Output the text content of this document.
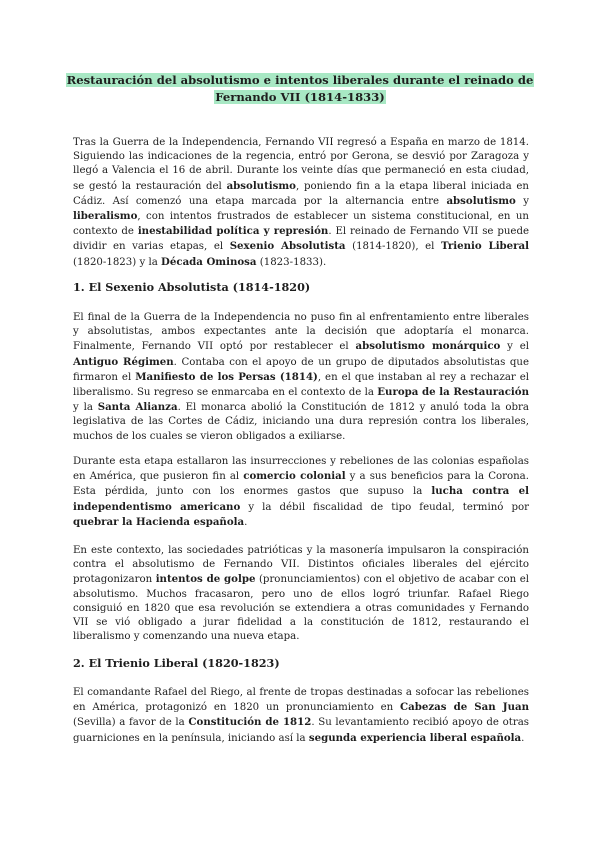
Restauración del absolutismo e intentos liberales durante el reinado de
Fernando VII (1814-1833)

Tras la Guerra de la Independencia, Fernando VII regresó a España en marzo de 1814. Siguiendo las indicaciones de la regencia, entró por Gerona, se desvió por Zaragoza y llegó a Valencia el 16 de abril. Durante los veinte días que permaneció en esta ciudad, se gestó la restauración del absolutismo, poniendo fin a la etapa liberal iniciada en Cádiz. Así comenzó una etapa marcada por la alternancia entre absolutismo y liberalismo, con intentos frustrados de establecer un sistema constitucional, en un contexto de inestabilidad política y represión. El reinado de Fernando VII se puede dividir en varias etapas, el Sexenio Absolutista (1814-1820), el Trienio Liberal (1820-1823) y la Década Ominosa (1823-1833).

1. El Sexenio Absolutista (1814-1820)

El final de la Guerra de la Independencia no puso fin al enfrentamiento entre liberales y absolutistas, ambos expectantes ante la decisión que adoptaría el monarca. Finalmente, Fernando VII optó por restablecer el absolutismo monárquico y el Antiguo Régimen. Contaba con el apoyo de un grupo de diputados absolutistas que firmaron el Manifiesto de los Persas (1814), en el que instaban al rey a rechazar el liberalismo. Su regreso se enmarcaba en el contexto de la Europa de la Restauración y la Santa Alianza. El monarca abolió la Constitución de 1812 y anuló toda la obra legislativa de las Cortes de Cádiz, iniciando una dura represión contra los liberales, muchos de los cuales se vieron obligados a exiliarse.

Durante esta etapa estallaron las insurrecciones y rebeliones de las colonias españolas en América, que pusieron fin al comercio colonial y a sus beneficios para la Corona. Esta pérdida, junto con los enormes gastos que supuso la lucha contra el independentismo americano y la débil fiscalidad de tipo feudal, terminó por quebrar la Hacienda española.

En este contexto, las sociedades patrióticas y la masonería impulsaron la conspiración contra el absolutismo de Fernando VII. Distintos oficiales liberales del ejército protagonizaron intentos de golpe (pronunciamientos) con el objetivo de acabar con el absolutismo. Muchos fracasaron, pero uno de ellos logró triunfar. Rafael Riego consiguió en 1820 que esa revolución se extendiera a otras comunidades y Fernando VII se vió obligado a jurar fidelidad a la constitución de 1812, restaurando el liberalismo y comenzando una nueva etapa.

2. El Trienio Liberal (1820-1823)

El comandante Rafael del Riego, al frente de tropas destinadas a sofocar las rebeliones en América, protagonizó en 1820 un pronunciamiento en Cabezas de San Juan (Sevilla) a favor de la Constitución de 1812. Su levantamiento recibió apoyo de otras guarniciones en la península, iniciando así la segunda experiencia liberal española.
